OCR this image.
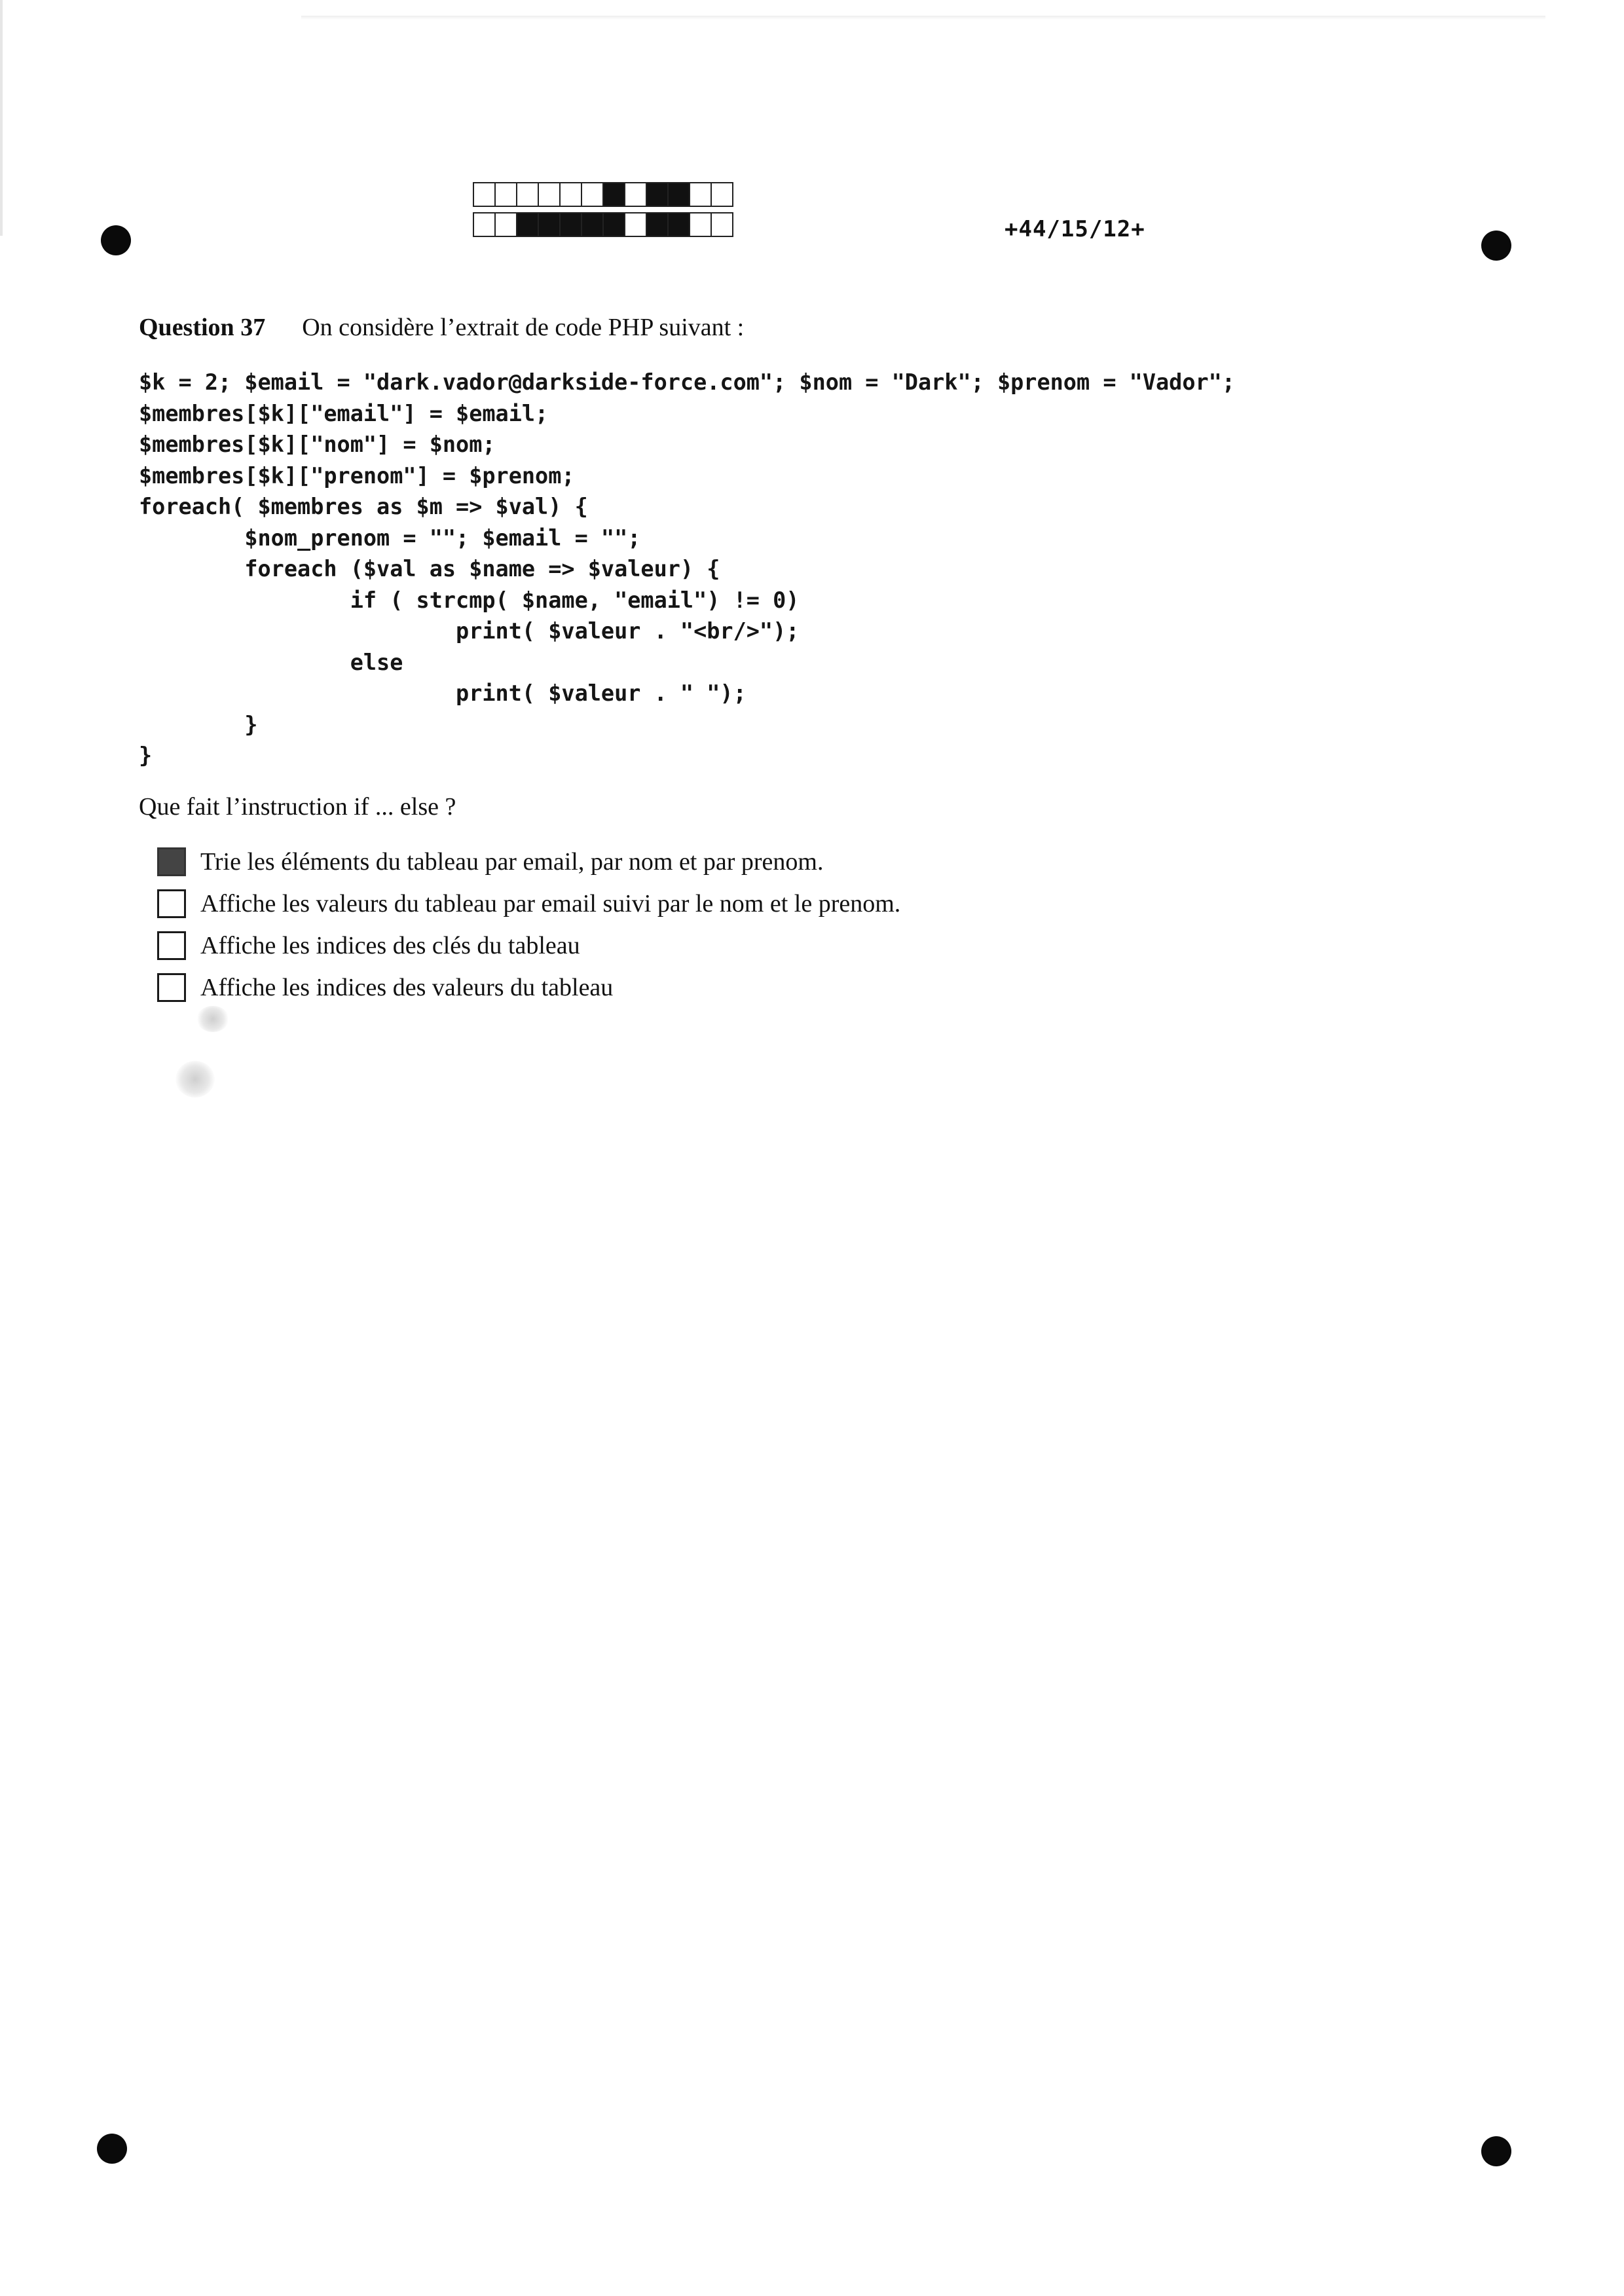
+44/15/12+
Question 37 On considère l’extrait de code PHP suivant :
$k = 2; $email = "dark.vador@darkside-force.com"; $nom = "Dark"; $prenom = "Vador";
$membres[$k]["email"] = $email;
$membres[$k]["nom"] = $nom;
$membres[$k]["prenom"] = $prenom;
foreach( $membres as $m => $val) {
$nom_prenom = ""; $email = "";
foreach ($val as $name => $valeur) {
if ( strcmp( $name, "email") != 0)
print( $valeur . "<br/>");
else
print( $valeur . " ");
}
}
Que fait l’instruction if ... else ?
Trie les éléments du tableau par email, par nom et par prenom.
Affiche les valeurs du tableau par email suivi par le nom et le prenom.
Affiche les indices des clés du tableau
Affiche les indices des valeurs du tableau
